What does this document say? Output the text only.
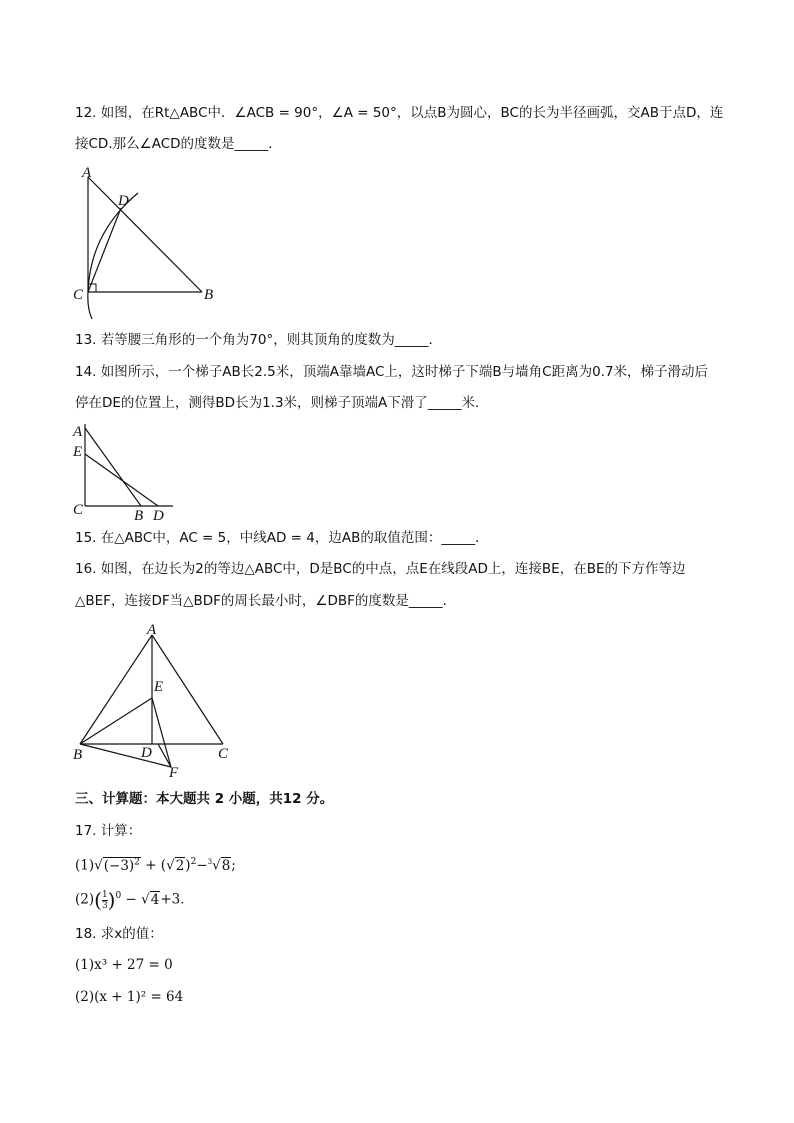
12. 如图，在Rt△ABC中．∠ACB = 90°，∠A = 50°，以点B为圆心，BC的长为半径画弧，交AB于点D，连
接CD.那么∠ACD的度数是_____．
A
D
C	B
13. 若等腰三角形的一个角为70°，则其顶角的度数为_____．
14. 如图所示，一个梯子AB长2.5米，顶端A靠墙AC上，这时梯子下端B与墙角C距离为0.7米，梯子滑动后
停在DE的位置上，测得BD长为1.3米，则梯子顶端A下滑了_____米．
A
E
C	B D
15. 在△ABC中，AC = 5，中线AD = 4，边AB的取值范围：_____．
16. 如图，在边长为2的等边△ABC中，D是BC的中点，点E在线段AD上，连接BE，在BE的下方作等边
△BEF，连接DF当△BDF的周长最小时，∠DBF的度数是_____．
A
E
B	D	C
F
三、计算题：本大题共 2 小题，共12 分。
17. 计算：
$(1)√(-3)^2 + (√2)^2-^3√8$;
$(2)( \frac{1}{3} )^0 - √4+3$．
18. 求x的值：
(1)x³ + 27 = 0
(2)(x + 1)² = 64
